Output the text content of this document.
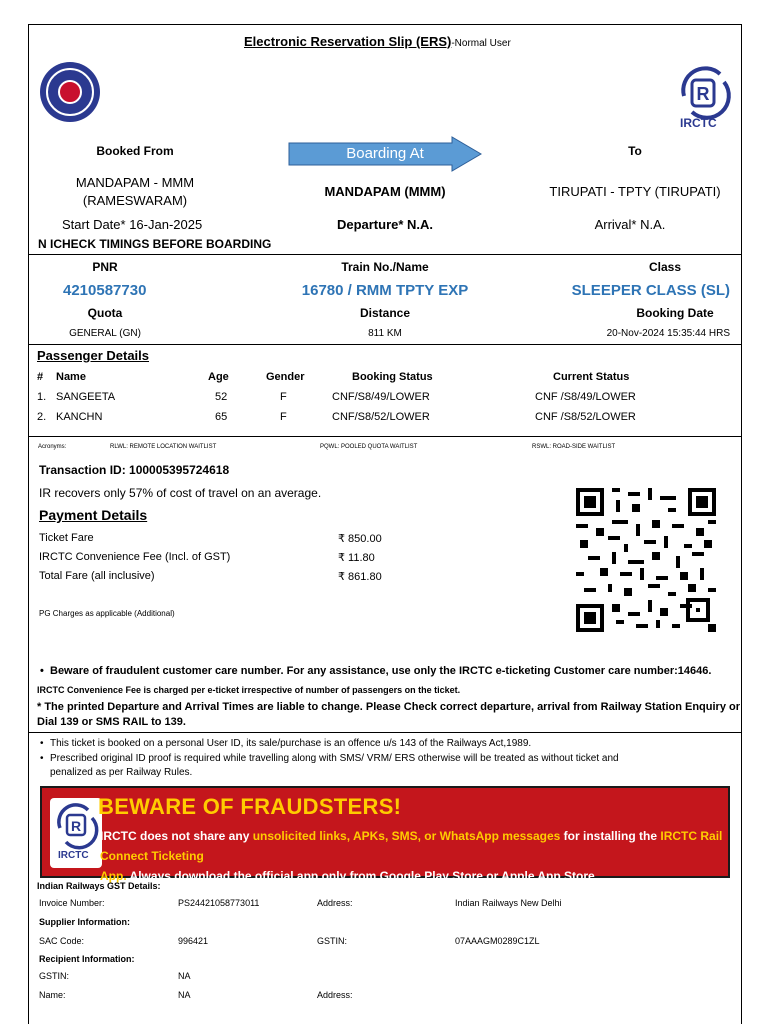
Electronic Reservation Slip (ERS)-Normal User
R
IRCTC
Booked From	Boarding At	To
MANDAPAM - MMM
(RAMESWARAM)
MANDAPAM (MMM)	TIRUPATI - TPTY (TIRUPATI)
Start Date* 16-Jan-2025	Departure* N.A.	Arrival* N.A.
N ICHECK TIMINGS BEFORE BOARDING
PNR	Train No./Name	Class
4210587730	16780 / RMM TPTY EXP	SLEEPER CLASS (SL)
Quota	Distance	Booking Date
GENERAL (GN)	811 KM	20-Nov-2024 15:35:44 HRS
Passenger Details
# Name	Age	Gender	Booking Status	Current Status
1. SANGEETA	52	F	CNF/S8/49/LOWER	CNF /S8/49/LOWER
2. KANCHN	65	F	CNF/S8/52/LOWER	CNF /S8/52/LOWER
Acronyms:	RLWL: REMOTE LOCATION WAITLIST	PQWL: POOLED QUOTA WAITLIST	RSWL: ROAD-SIDE WAITLIST
Transaction ID: 100005395724618
IR recovers only 57% of cost of travel on an average.
Payment Details
Ticket Fare	₹ 850.00
IRCTC Convenience Fee (Incl. of GST)	₹ 11.80
Total Fare (all inclusive)	₹ 861.80
PG Charges as applicable (Additional)
• Beware of fraudulent customer care number. For any assistance, use only the IRCTC e-ticketing Customer care number:14646.
IRCTC Convenience Fee is charged per e-ticket irrespective of number of passengers on the ticket.
* The printed Departure and Arrival Times are liable to change. Please Check correct departure, arrival from Railway Station Enquiry or
Dial 139 or SMS RAIL to 139.
• This ticket is booked on a personal User ID, its sale/purchase is an offence u/s 143 of the Railways Act,1989.
• Prescribed original ID proof is required while travelling along with SMS/ VRM/ ERS otherwise will be treated as without ticket and
penalized as per Railway Rules.
R
IRCTC
BEWARE OF FRAUDSTERS!
IRCTC does not share any unsolicited links, APKs, SMS, or WhatsApp messages for installing the IRCTC Rail Connect Ticketing
App. Always download the official app only from Google Play Store or Apple App Store.
Indian Railways GST Details:
Invoice Number:	PS24421058773011	Address:	Indian Railways New Delhi
Supplier Information:
SAC Code:	996421	GSTIN:	07AAAGM0289C1ZL
Recipient Information:
GSTIN:	NA
Name:	NA	Address:
